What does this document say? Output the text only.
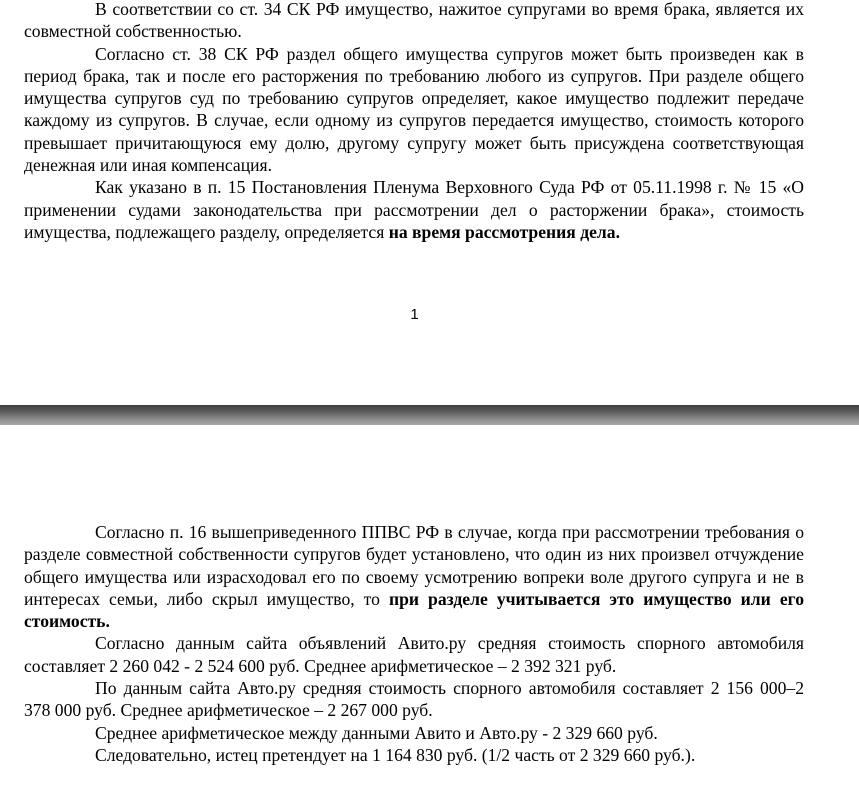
В соответствии со ст. 34 СК РФ имущество, нажитое супругами во время брака, является их совместной собственностью.

Согласно ст. 38 СК РФ раздел общего имущества супругов может быть произведен как в период брака, так и после его расторжения по требованию любого из супругов. При разделе общего имущества супругов суд по требованию супругов определяет, какое имущество подлежит передаче каждому из супругов. В случае, если одному из супругов передается имущество, стоимость которого превышает причитающуюся ему долю, другому супругу может быть присуждена соответствующая денежная или иная компенсация.

Как указано в п. 15 Постановления Пленума Верховного Суда РФ от 05.11.1998 г. № 15 «О применении судами законодательства при рассмотрении дел о расторжении брака», стоимость имущества, подлежащего разделу, определяется на время рассмотрения дела.

1

Согласно п. 16 вышеприведенного ППВС РФ в случае, когда при рассмотрении требования о разделе совместной собственности супругов будет установлено, что один из них произвел отчуждение общего имущества или израсходовал его по своему усмотрению вопреки воле другого супруга и не в интересах семьи, либо скрыл имущество, то при разделе учитывается это имущество или его стоимость.

Согласно данным сайта объявлений Авито.ру средняя стоимость спорного автомобиля составляет 2 260 042 - 2 524 600 руб. Среднее арифметическое – 2 392 321 руб.

По данным сайта Авто.ру средняя стоимость спорного автомобиля составляет 2 156 000–2 378 000 руб. Среднее арифметическое – 2 267 000 руб.

Среднее арифметическое между данными Авито и Авто.ру - 2 329 660 руб.

Следовательно, истец претендует на 1 164 830 руб. (1/2 часть от 2 329 660 руб.).
